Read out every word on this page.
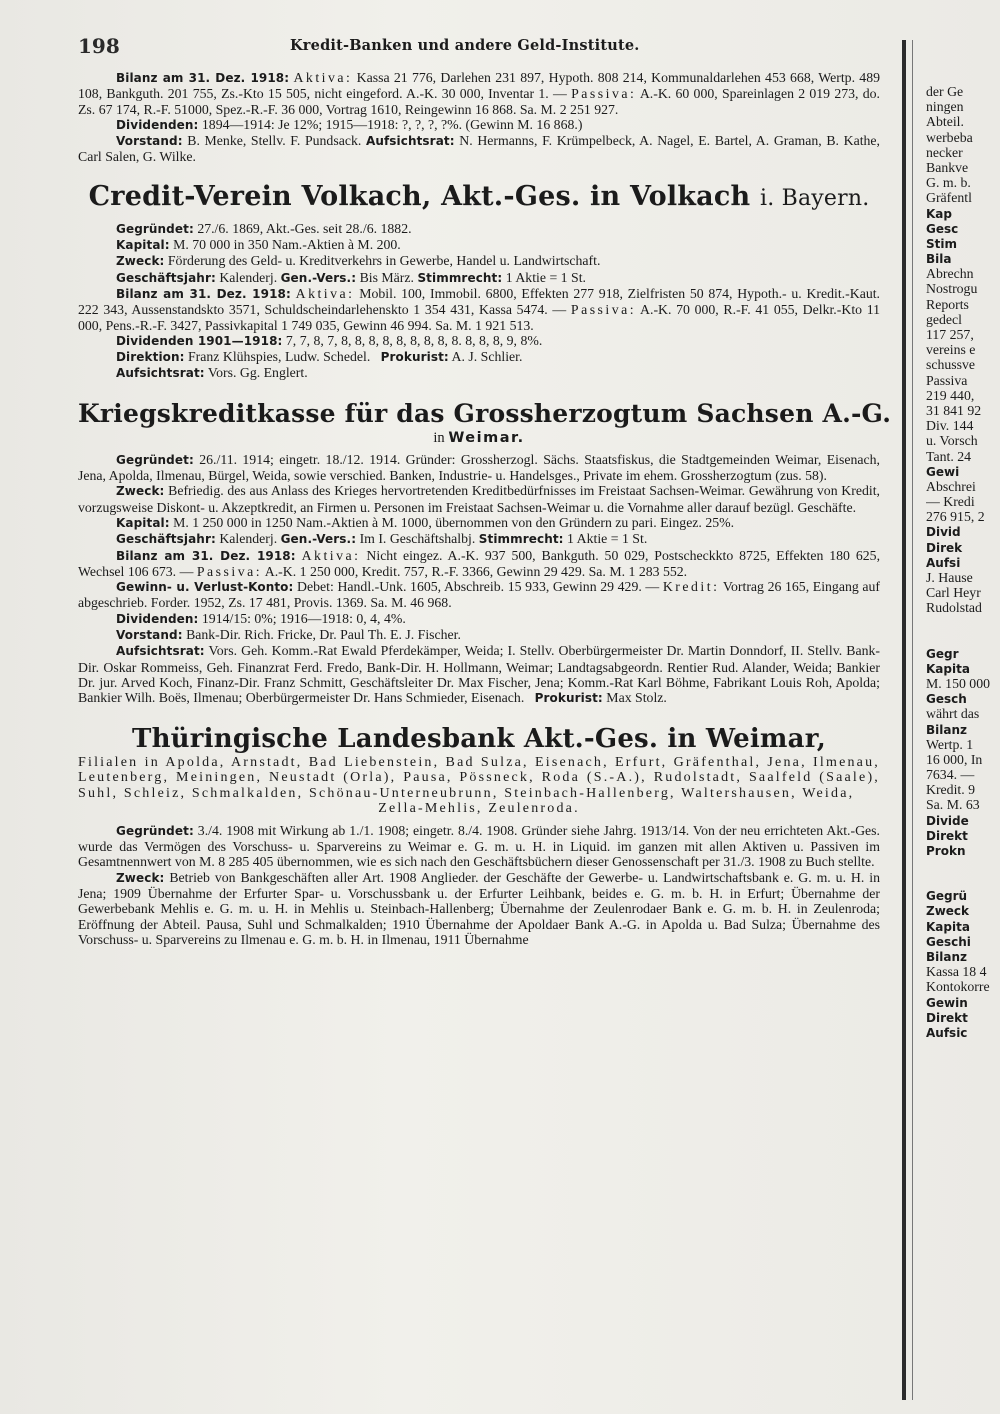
198	Kredit-Banken und andere Geld-Institute.

Bilanz am 31. Dez. 1918: Aktiva: Kassa 21 776, Darlehen 231 897, Hypoth. 808 214, Kommunaldarlehen 453 668, Wertp. 489 108, Bankguth. 201 755, Zs.-Kto 15 505, nicht eingeford. A.-K. 30 000, Inventar 1. — Passiva: A.-K. 60 000, Spareinlagen 2 019 273, do. Zs. 67 174, R.-F. 51000, Spez.-R.-F. 36 000, Vortrag 1610, Reingewinn 16 868. Sa. M. 2 251 927.

Dividenden: 1894—1914: Je 12%; 1915—1918: ?, ?, ?, ?%. (Gewinn M. 16 868.)

Vorstand: B. Menke, Stellv. F. Pundsack. Aufsichtsrat: N. Hermanns, F. Krümpelbeck, A. Nagel, E. Bartel, A. Graman, B. Kathe, Carl Salen, G. Wilke.

Credit-Verein Volkach, Akt.-Ges. in Volkach i. Bayern.

Gegründet: 27./6. 1869, Akt.-Ges. seit 28./6. 1882.

Kapital: M. 70 000 in 350 Nam.-Aktien à M. 200.

Zweck: Förderung des Geld- u. Kreditverkehrs in Gewerbe, Handel u. Landwirtschaft.

Geschäftsjahr: Kalenderj. Gen.-Vers.: Bis März. Stimmrecht: 1 Aktie = 1 St.

Bilanz am 31. Dez. 1918: Aktiva: Mobil. 100, Immobil. 6800, Effekten 277 918, Zielfristen 50 874, Hypoth.- u. Kredit.-Kaut. 222 343, Aussenstandskto 3571, Schuldscheindarlehenskto 1 354 431, Kassa 5474. — Passiva: A.-K. 70 000, R.-F. 41 055, Delkr.-Kto 11 000, Pens.-R.-F. 3427, Passivkapital 1 749 035, Gewinn 46 994. Sa. M. 1 921 513.

Dividenden 1901—1918: 7, 7, 8, 7, 8, 8, 8, 8, 8, 8, 8, 8, 8. 8, 8, 8, 9, 8%.

Direktion: Franz Klühspies, Ludw. Schedel. Prokurist: A. J. Schlier.

Aufsichtsrat: Vors. Gg. Englert.

Kriegskreditkasse für das Grossherzogtum Sachsen A.-G.

in Weimar.

Gegründet: 26./11. 1914; eingetr. 18./12. 1914. Gründer: Grossherzogl. Sächs. Staatsfiskus, die Stadtgemeinden Weimar, Eisenach, Jena, Apolda, Ilmenau, Bürgel, Weida, sowie verschied. Banken, Industrie- u. Handelsges., Private im ehem. Grossherzogtum (zus. 58).

Zweck: Befriedig. des aus Anlass des Krieges hervortretenden Kreditbedürfnisses im Freistaat Sachsen-Weimar. Gewährung von Kredit, vorzugsweise Diskont- u. Akzeptkredit, an Firmen u. Personen im Freistaat Sachsen-Weimar u. die Vornahme aller darauf bezügl. Geschäfte.

Kapital: M. 1 250 000 in 1250 Nam.-Aktien à M. 1000, übernommen von den Gründern zu pari. Eingez. 25%.

Geschäftsjahr: Kalenderj. Gen.-Vers.: Im I. Geschäftshalbj. Stimmrecht: 1 Aktie = 1 St.

Bilanz am 31. Dez. 1918: Aktiva: Nicht eingez. A.-K. 937 500, Bankguth. 50 029, Postscheckkto 8725, Effekten 180 625, Wechsel 106 673. — Passiva: A.-K. 1 250 000, Kredit. 757, R.-F. 3366, Gewinn 29 429. Sa. M. 1 283 552.

Gewinn- u. Verlust-Konto: Debet: Handl.-Unk. 1605, Abschreib. 15 933, Gewinn 29 429. — Kredit: Vortrag 26 165, Eingang auf abgeschrieb. Forder. 1952, Zs. 17 481, Provis. 1369. Sa. M. 46 968.

Dividenden: 1914/15: 0%; 1916—1918: 0, 4, 4%.

Vorstand: Bank-Dir. Rich. Fricke, Dr. Paul Th. E. J. Fischer.

Aufsichtsrat: Vors. Geh. Komm.-Rat Ewald Pferdekämper, Weida; I. Stellv. Oberbürgermeister Dr. Martin Donndorf, II. Stellv. Bank-Dir. Oskar Rommeiss, Geh. Finanzrat Ferd. Fredo, Bank-Dir. H. Hollmann, Weimar; Landtagsabgeordn. Rentier Rud. Alander, Weida; Bankier Dr. jur. Arved Koch, Finanz-Dir. Franz Schmitt, Geschäftsleiter Dr. Max Fischer, Jena; Komm.-Rat Karl Böhme, Fabrikant Louis Roh, Apolda; Bankier Wilh. Boës, Ilmenau; Oberbürgermeister Dr. Hans Schmieder, Eisenach. Prokurist: Max Stolz.

Thüringische Landesbank Akt.-Ges. in Weimar,

Filialen in Apolda, Arnstadt, Bad Liebenstein, Bad Sulza, Eisenach, Erfurt, Gräfenthal, Jena, Ilmenau, Leutenberg, Meiningen, Neustadt (Orla), Pausa, Pössneck, Roda (S.-A.), Rudolstadt, Saalfeld (Saale), Suhl, Schleiz, Schmalkalden, Schönau-Unterneubrunn, Steinbach-Hallenberg, Waltershausen, Weida,

Zella-Mehlis, Zeulenroda.

Gegründet: 3./4. 1908 mit Wirkung ab 1./1. 1908; eingetr. 8./4. 1908. Gründer siehe Jahrg. 1913/14. Von der neu errichteten Akt.-Ges. wurde das Vermögen des Vorschuss- u. Sparvereins zu Weimar e. G. m. u. H. in Liquid. im ganzen mit allen Aktiven u. Passiven im Gesamtnennwert von M. 8 285 405 übernommen, wie es sich nach den Geschäftsbüchern dieser Genossenschaft per 31./3. 1908 zu Buch stellte.

Zweck: Betrieb von Bankgeschäften aller Art. 1908 Anglieder. der Geschäfte der Gewerbe- u. Landwirtschaftsbank e. G. m. u. H. in Jena; 1909 Übernahme der Erfurter Spar- u. Vorschussbank u. der Erfurter Leihbank, beides e. G. m. b. H. in Erfurt; Übernahme der Gewerbebank Mehlis e. G. m. u. H. in Mehlis u. Steinbach-Hallenberg; Übernahme der Zeulenrodaer Bank e. G. m. b. H. in Zeulenroda; Eröffnung der Abteil. Pausa, Suhl und Schmalkalden; 1910 Übernahme der Apoldaer Bank A.-G. in Apolda u. Bad Sulza; Übernahme des Vorschuss- u. Sparvereins zu Ilmenau e. G. m. b. H. in Ilmenau, 1911 Übernahme

der Ge
ningen
Abteil.
werbeba
necker
Bankve
G. m. b.
Gräfentl
Kap
Gesc
Stim
Bila
Abrechn
Nostrogu
Reports
gedecl
117 257,
vereins e
schussve
Passiva
219 440,
31 841 92
Div. 144
u. Vorsch
Tant. 24
Gewi
Abschrei
— Kredi
276 915, 2
Divid
Direk
Aufsi
J. Hause
Carl Heyr
Rudolstad
Gegr
Kapita
M. 150 000
Gesch
währt das
Bilanz
Wertp. 1
16 000, In
7634. —
Kredit. 9
Sa. M. 63
Divide
Direkt
Prokn
Gegrü
Zweck
Kapita
Geschi
Bilanz
Kassa 18 4
Kontokorre
Gewin
Direkt
Aufsic
